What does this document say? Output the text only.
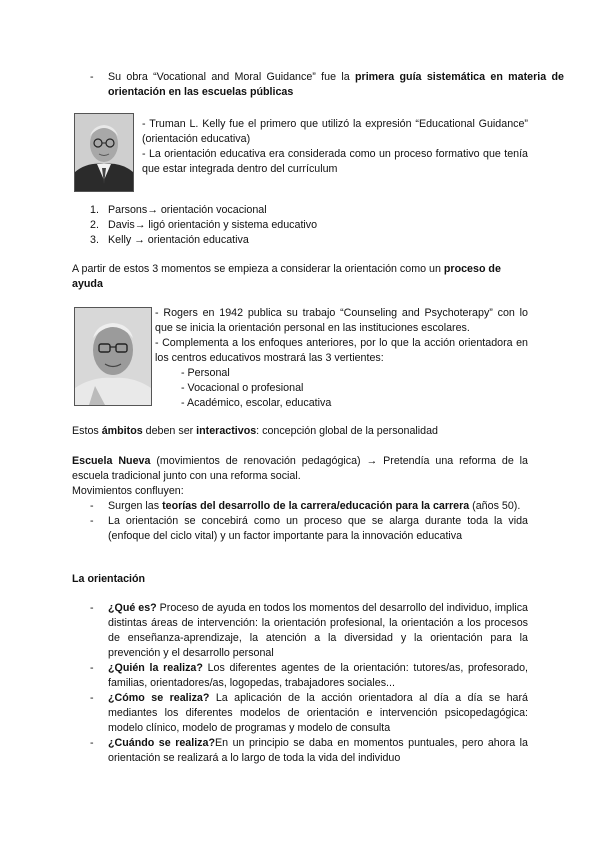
- Su obra “Vocational and Moral Guidance” fue la primera guía sistemática en materia de orientación en las escuelas públicas
- Truman L. Kelly fue el primero que utilizó la expresión “Educational Guidance” (orientación educativa)
- La orientación educativa era considerada como un proceso formativo que tenía que estar integrada dentro del currículum
1. Parsons→ orientación vocacional
2. Davis→ ligó orientación y sistema educativo
3. Kelly → orientación educativa
A partir de estos 3 momentos se empieza a considerar la orientación como un proceso de ayuda
- Rogers en 1942 publica su trabajo “Counseling and Psychoterapy” con lo que se inicia la orientación personal en las instituciones escolares.
- Complementa a los enfoques anteriores, por lo que la acción orientadora en los centros educativos mostrará las 3 vertientes:
- Personal
- Vocacional o profesional
- Académico, escolar, educativa
Estos ámbitos deben ser interactivos: concepción global de la personalidad
Escuela Nueva (movimientos de renovación pedagógica) → Pretendía una reforma de la escuela tradicional junto con una reforma social.
Movimientos confluyen:
- Surgen las teorías del desarrollo de la carrera/educación para la carrera (años 50).
- La orientación se concebirá como un proceso que se alarga durante toda la vida (enfoque del ciclo vital) y un factor importante para la innovación educativa
La orientación
- ¿Qué es? Proceso de ayuda en todos los momentos del desarrollo del individuo, implica distintas áreas de intervención: la orientación profesional, la orientación a los procesos de enseñanza-aprendizaje, la atención a la diversidad y la orientación para la prevención y el desarrollo personal
- ¿Quién la realiza? Los diferentes agentes de la orientación: tutores/as, profesorado, familias, orientadores/as, logopedas, trabajadores sociales...
- ¿Cómo se realiza? La aplicación de la acción orientadora al día a día se hará mediantes los diferentes modelos de orientación e intervención psicopedagógica: modelo clínico, modelo de programas y modelo de consulta
- ¿Cuándo se realiza?En un principio se daba en momentos puntuales, pero ahora la orientación se realizará a lo largo de toda la vida del individuo
